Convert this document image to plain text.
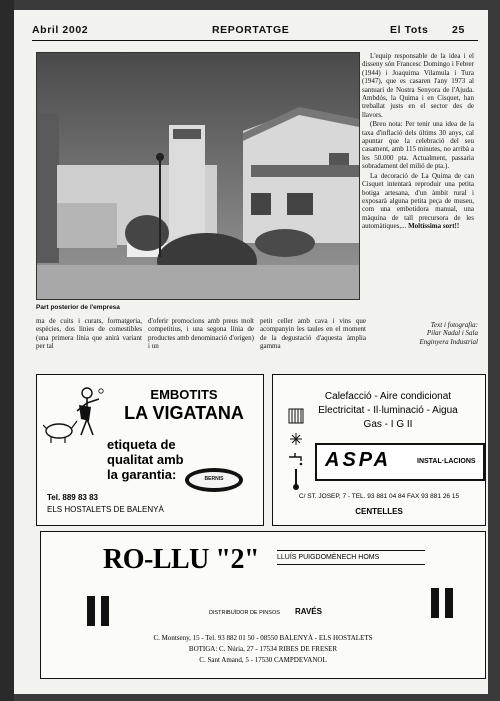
Abril 2002	REPORTATGE	El Tots 25
Part posterior de l'empresa

L'equip responsable de la idea i el disseny són Francesc Domingo i Febrer (1944) i Joaquima Vilamula i Tura (1947), que es casaren l'any 1973 al santuari de Nostra Senyora de l'Ajuda. Ambdós, la Quima i en Cisquet, han treballat justs en el sector des de llavors.

(Breu nota: Per tenir una idea de la taxa d'inflació dels últims 30 anys, cal apuntar que la celebració del seu casament, amb 115 minutes, no arribà a les 50.000 pta. Actualment, passaria sobradament del milió de pta.).

La decoració de La Quima de can Cisquet intentarà reproduir una petita botiga artesana, d'un àmbit rural i exposarà alguna petita peça de museu, com una embotidora manual, una màquina de tall precursora de les automàtiques,... Moltíssima sort!!

ma de cuits i curats, formatgeria, espècies, dos línies de comestibles (una primera línia que anirà variant per tal
d'oferir promocions amb preus molt competitius, i una segona línia de productes amb denominació d'origen) i un
petit celler amb cava i vins que acompanyin les taules en el moment de la degustació d'aquesta àmplia gamma
Text i fotografia:
Pilar Nadal i Sala
Enginyera Industrial
EMBOTITS
LA VIGATANA
etiqueta de
qualitat amb
la garantia:	BERNIS
Tel. 889 83 83
ELS HOSTALETS DE BALENYÀ
Calefacció - Aire condicionat
Electricitat - Il·luminació - Aigua
Gas - I G II
ASPA	INSTAL·LACIONS
C/ ST. JOSEP, 7 - TEL. 93 881 04 84 FAX 93 881 26 15
CENTELLES
RO-LLU "2"	LLUÍS PUIGDOMÈNECH HOMS
DISTRIBUÏDOR DE PINSOS RAVÉS
C. Montseny, 15 - Tel. 93 882 01 50 - 08550 BALENYÀ - ELS HOSTALETS
BOTIGA: C. Núria, 27 - 17534 RIBES DE FRESER
C. Sant Amand, 5 - 17530 CAMPDEVANOL
